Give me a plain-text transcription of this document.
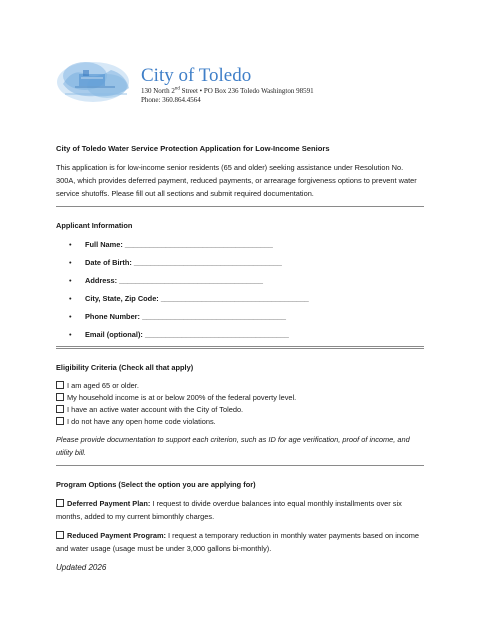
City of Toledo
130 North 2nd Street • PO Box 236 Toledo Washington 98591
Phone: 360.864.4564

City of Toledo Water Service Protection Application for Low-Income Seniors

This application is for low-income senior residents (65 and older) seeking assistance under Resolution No. 300A, which provides deferred payment, reduced payments, or arrearage forgiveness options to prevent water service shutoffs. Please fill out all sections and submit required documentation.

Applicant Information

• Full Name: ____________________________________
• Date of Birth: ____________________________________
• Address: ___________________________________
• City, State, Zip Code: ____________________________________
• Phone Number: ___________________________________
• Email (optional): ___________________________________

Eligibility Criteria (Check all that apply)

I am aged 65 or older.
My household income is at or below 200% of the federal poverty level.
I have an active water account with the City of Toledo.
I do not have any open home code violations.

Please provide documentation to support each criterion, such as ID for age verification, proof of income, and utility bill.

Program Options (Select the option you are applying for)

Deferred Payment Plan: I request to divide overdue balances into equal monthly installments over six months, added to my current bimonthly charges.

Reduced Payment Program: I request a temporary reduction in monthly water payments based on income and water usage (usage must be under 3,000 gallons bi-monthly).

Updated 2026
